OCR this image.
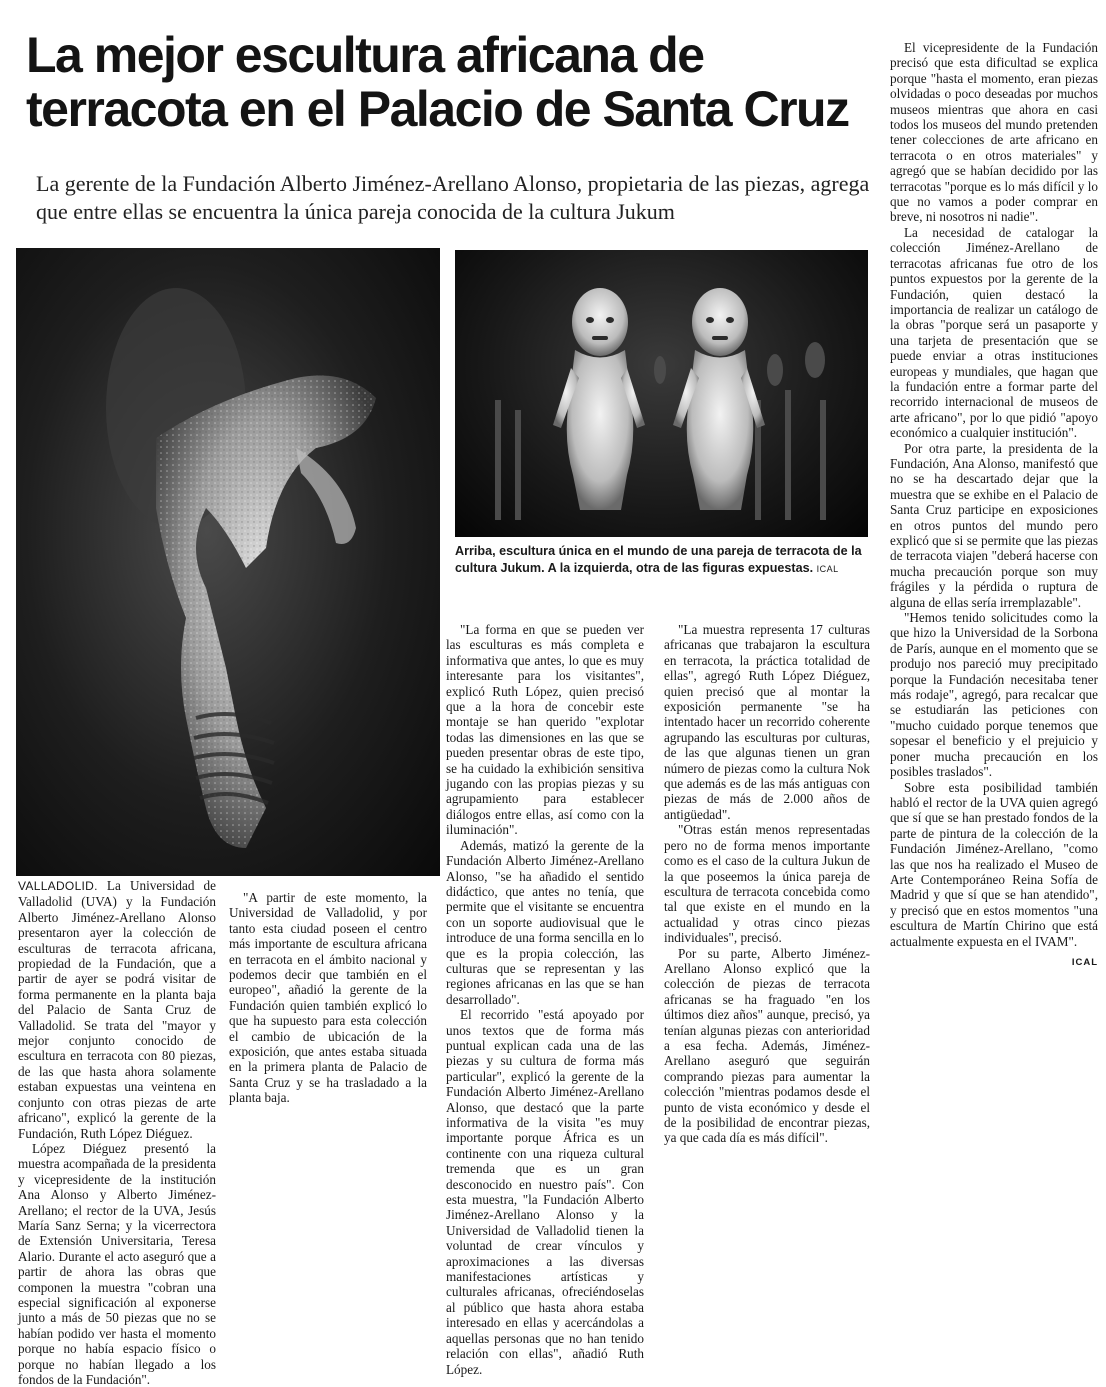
La mejor escultura africana de terracota en el Palacio de Santa Cruz

La gerente de la Fundación Alberto Jiménez-Arellano Alonso, propietaria de las piezas, agrega que entre ellas se encuentra la única pareja conocida de la cultura Jukum

Arriba, escultura única en el mundo de una pareja de terracota de la cultura Jukum. A la izquierda, otra de las figuras expuestas. ICAL

VALLADOLID. La Universidad de Valladolid (UVA) y la Fundación Alberto Jiménez-Arellano Alonso presentaron ayer la colección de esculturas de terracota africana, propiedad de la Fundación, que a partir de ayer se podrá visitar de forma permanente en la planta baja del Palacio de Santa Cruz de Valladolid. Se trata del "mayor y mejor conjunto conocido de escultura en terracota con 80 piezas, de las que hasta ahora solamente estaban expuestas una veintena en conjunto con otras piezas de arte africano", explicó la gerente de la Fundación, Ruth López Diéguez.

López Diéguez presentó la muestra acompañada de la presidenta y vicepresidente de la institución Ana Alonso y Alberto Jiménez-Arellano; el rector de la UVA, Jesús María Sanz Serna; y la vicerrectora de Extensión Universitaria, Teresa Alario. Durante el acto aseguró que a partir de ahora las obras que componen la muestra "cobran una especial significación al exponerse junto a más de 50 piezas que no se habían podido ver hasta el momento porque no había espacio físico o porque no habían llegado a los fondos de la Fundación".

"A partir de este momento, la Universidad de Valladolid, y por tanto esta ciudad poseen el centro más importante de escultura africana en terracota en el ámbito nacional y podemos decir que también en el europeo", añadió la gerente de la Fundación quien también explicó lo que ha supuesto para esta colección el cambio de ubicación de la exposición, que antes estaba situada en la primera planta de Palacio de Santa Cruz y se ha trasladado a la planta baja.

"La forma en que se pueden ver las esculturas es más completa e informativa que antes, lo que es muy interesante para los visitantes", explicó Ruth López, quien precisó que a la hora de concebir este montaje se han querido "explotar todas las dimensiones en las que se pueden presentar obras de este tipo, se ha cuidado la exhibición sensitiva jugando con las propias piezas y su agrupamiento para establecer diálogos entre ellas, así como con la iluminación".

Además, matizó la gerente de la Fundación Alberto Jiménez-Arellano Alonso, "se ha añadido el sentido didáctico, que antes no tenía, que permite que el visitante se encuentra con un soporte audiovisual que le introduce de una forma sencilla en lo que es la propia colección, las culturas que se representan y las regiones africanas en las que se han desarrollado".

El recorrido "está apoyado por unos textos que de forma más puntual explican cada una de las piezas y su cultura de forma más particular", explicó la gerente de la Fundación Alberto Jiménez-Arellano Alonso, que destacó que la parte informativa de la visita "es muy importante porque África es un continente con una riqueza cultural tremenda que es un gran desconocido en nuestro país". Con esta muestra, "la Fundación Alberto Jiménez-Arellano Alonso y la Universidad de Valladolid tienen la voluntad de crear vínculos y aproximaciones a las diversas manifestaciones artísticas y culturales africanas, ofreciéndoselas al público que hasta ahora estaba interesado en ellas y acercándolas a aquellas personas que no han tenido relación con ellas", añadió Ruth López.

"La muestra representa 17 culturas africanas que trabajaron la escultura en terracota, la práctica totalidad de ellas", agregó Ruth López Diéguez, quien precisó que al montar la exposición permanente "se ha intentado hacer un recorrido coherente agrupando las esculturas por culturas, de las que algunas tienen un gran número de piezas como la cultura Nok que además es de las más antiguas con piezas de más de 2.000 años de antigüedad".

"Otras están menos representadas pero no de forma menos importante como es el caso de la cultura Jukun de la que poseemos la única pareja de escultura de terracota concebida como tal que existe en el mundo en la actualidad y otras cinco piezas individuales", precisó.

Por su parte, Alberto Jiménez-Arellano Alonso explicó que la colección de piezas de terracota africanas se ha fraguado "en los últimos diez años" aunque, precisó, ya tenían algunas piezas con anterioridad a esa fecha. Además, Jiménez-Arellano aseguró que seguirán comprando piezas para aumentar la colección "mientras podamos desde el punto de vista económico y desde el de la posibilidad de encontrar piezas, ya que cada día es más difícil".

El vicepresidente de la Fundación precisó que esta dificultad se explica porque "hasta el momento, eran piezas olvidadas o poco deseadas por muchos museos mientras que ahora en casi todos los museos del mundo pretenden tener colecciones de arte africano en terracota o en otros materiales" y agregó que se habían decidido por las terracotas "porque es lo más difícil y lo que no vamos a poder comprar en breve, ni nosotros ni nadie".

La necesidad de catalogar la colección Jiménez-Arellano de terracotas africanas fue otro de los puntos expuestos por la gerente de la Fundación, quien destacó la importancia de realizar un catálogo de la obras "porque será un pasaporte y una tarjeta de presentación que se puede enviar a otras instituciones europeas y mundiales, que hagan que la fundación entre a formar parte del recorrido internacional de museos de arte africano", por lo que pidió "apoyo económico a cualquier institución".

Por otra parte, la presidenta de la Fundación, Ana Alonso, manifestó que no se ha descartado dejar que la muestra que se exhibe en el Palacio de Santa Cruz participe en exposiciones en otros puntos del mundo pero explicó que si se permite que las piezas de terracota viajen "deberá hacerse con mucha precaución porque son muy frágiles y la pérdida o ruptura de alguna de ellas sería irremplazable".

"Hemos tenido solicitudes como la que hizo la Universidad de la Sorbona de París, aunque en el momento que se produjo nos pareció muy precipitado porque la Fundación necesitaba tener más rodaje", agregó, para recalcar que se estudiarán las peticiones con "mucho cuidado porque tenemos que sopesar el beneficio y el prejuicio y poner mucha precaución en los posibles traslados".

Sobre esta posibilidad también habló el rector de la UVA quien agregó que sí que se han prestado fondos de la parte de pintura de la colección de la Fundación Jiménez-Arellano, "como las que nos ha realizado el Museo de Arte Contemporáneo Reina Sofía de Madrid y que sí que se han atendido", y precisó que en estos momentos "una escultura de Martín Chirino que está actualmente expuesta en el IVAM".

ICAL
